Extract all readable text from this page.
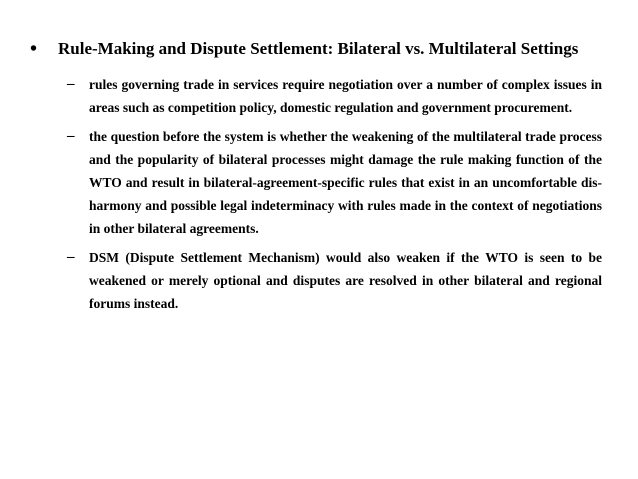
•	Rule-Making and Dispute Settlement: Bilateral vs. Multilateral Settings
–	rules governing trade in services require negotiation over a number of complex issues in areas such as competition policy, domestic regulation and government procurement.
–	the question before the system is whether the weakening of the multilateral trade process and the popularity of bilateral processes might damage the rule making function of the WTO and result in bilateral-agreement-specific rules that exist in an uncomfortable dis-harmony and possible legal indeterminacy with rules made in the context of negotiations in other bilateral agreements.
–	DSM (Dispute Settlement Mechanism) would also weaken if the WTO is seen to be weakened or merely optional and disputes are resolved in other bilateral and regional forums instead.
